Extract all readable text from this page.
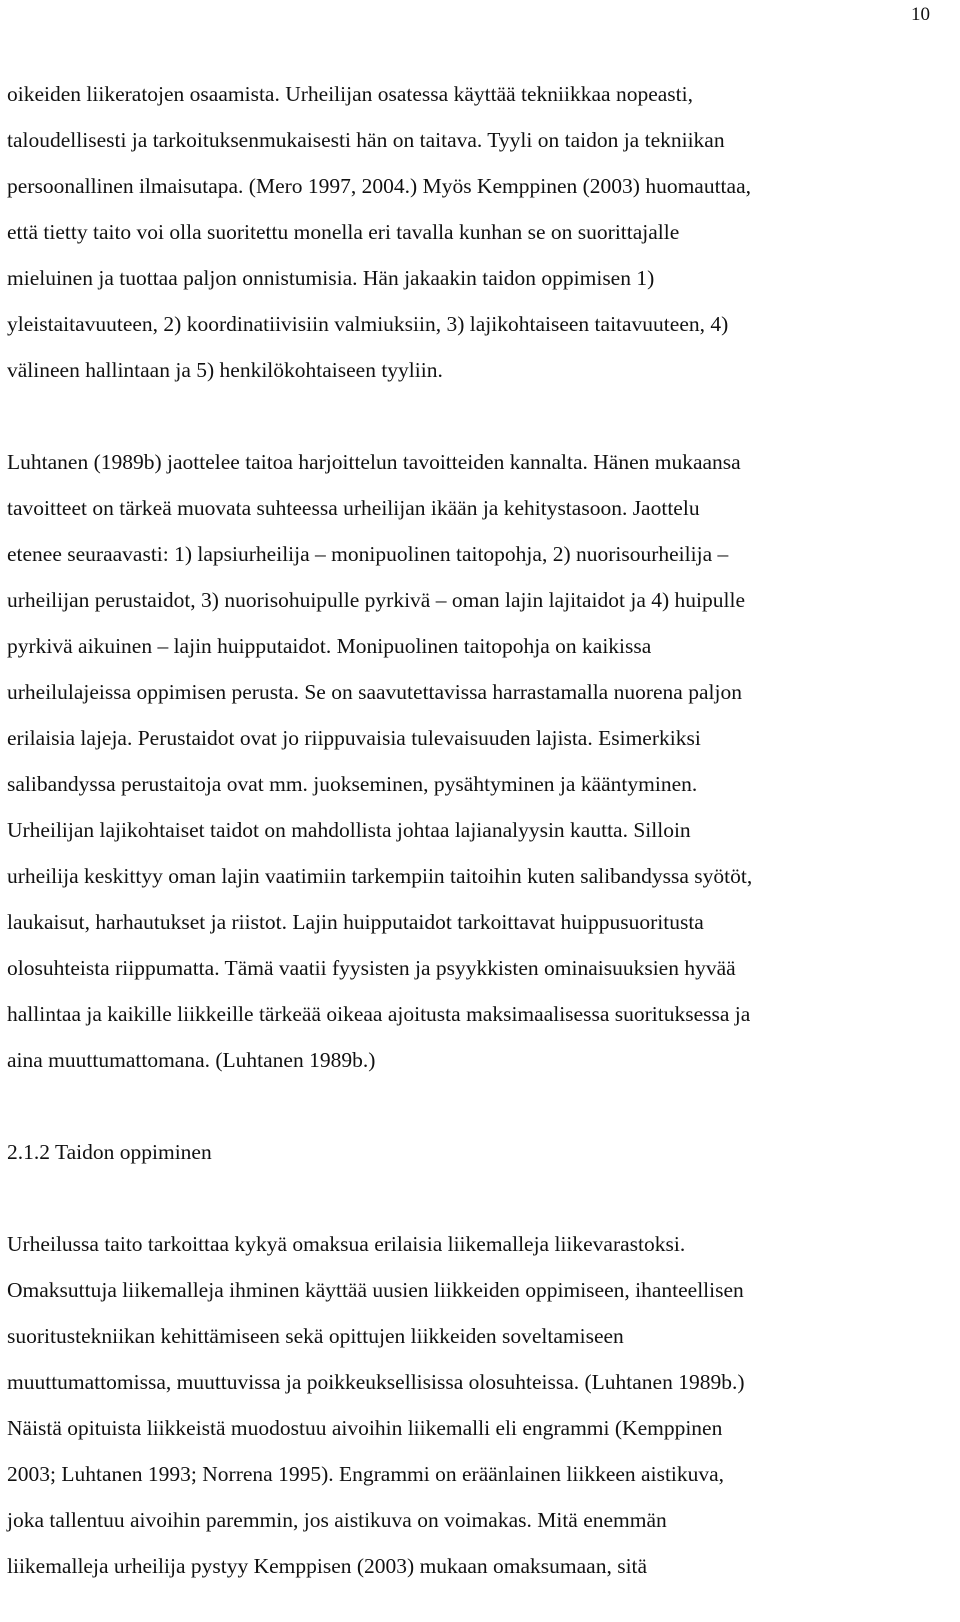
10

oikeiden liikeratojen osaamista. Urheilijan osatessa käyttää tekniikkaa nopeasti,
taloudellisesti ja tarkoituksenmukaisesti hän on taitava. Tyyli on taidon ja tekniikan
persoonallinen ilmaisutapa. (Mero 1997, 2004.) Myös Kemppinen (2003) huomauttaa,
että tietty taito voi olla suoritettu monella eri tavalla kunhan se on suorittajalle
mieluinen ja tuottaa paljon onnistumisia. Hän jakaakin taidon oppimisen 1)
yleistaitavuuteen, 2) koordinatiivisiin valmiuksiin, 3) lajikohtaiseen taitavuuteen, 4)
välineen hallintaan ja 5) henkilökohtaiseen tyyliin.

Luhtanen (1989b) jaottelee taitoa harjoittelun tavoitteiden kannalta. Hänen mukaansa
tavoitteet on tärkeä muovata suhteessa urheilijan ikään ja kehitystasoon. Jaottelu
etenee seuraavasti: 1) lapsiurheilija – monipuolinen taitopohja, 2) nuorisourheilija –
urheilijan perustaidot, 3) nuorisohuipulle pyrkivä – oman lajin lajitaidot ja 4) huipulle
pyrkivä aikuinen – lajin huipputaidot. Monipuolinen taitopohja on kaikissa
urheilulajeissa oppimisen perusta. Se on saavutettavissa harrastamalla nuorena paljon
erilaisia lajeja. Perustaidot ovat jo riippuvaisia tulevaisuuden lajista. Esimerkiksi
salibandyssa perustaitoja ovat mm. juokseminen, pysähtyminen ja kääntyminen.
Urheilijan lajikohtaiset taidot on mahdollista johtaa lajianalyysin kautta. Silloin
urheilija keskittyy oman lajin vaatimiin tarkempiin taitoihin kuten salibandyssa syötöt,
laukaisut, harhautukset ja riistot. Lajin huipputaidot tarkoittavat huippusuoritusta
olosuhteista riippumatta. Tämä vaatii fyysisten ja psyykkisten ominaisuuksien hyvää
hallintaa ja kaikille liikkeille tärkeää oikeaa ajoitusta maksimaalisessa suorituksessa ja
aina muuttumattomana. (Luhtanen 1989b.)

2.1.2 Taidon oppiminen

Urheilussa taito tarkoittaa kykyä omaksua erilaisia liikemalleja liikevarastoksi.
Omaksuttuja liikemalleja ihminen käyttää uusien liikkeiden oppimiseen, ihanteellisen
suoritustekniikan kehittämiseen sekä opittujen liikkeiden soveltamiseen
muuttumattomissa, muuttuvissa ja poikkeuksellisissa olosuhteissa. (Luhtanen 1989b.)
Näistä opituista liikkeistä muodostuu aivoihin liikemalli eli engrammi (Kemppinen
2003; Luhtanen 1993; Norrena 1995). Engrammi on eräänlainen liikkeen aistikuva,
joka tallentuu aivoihin paremmin, jos aistikuva on voimakas. Mitä enemmän
liikemalleja urheilija pystyy Kemppisen (2003) mukaan omaksumaan, sitä
